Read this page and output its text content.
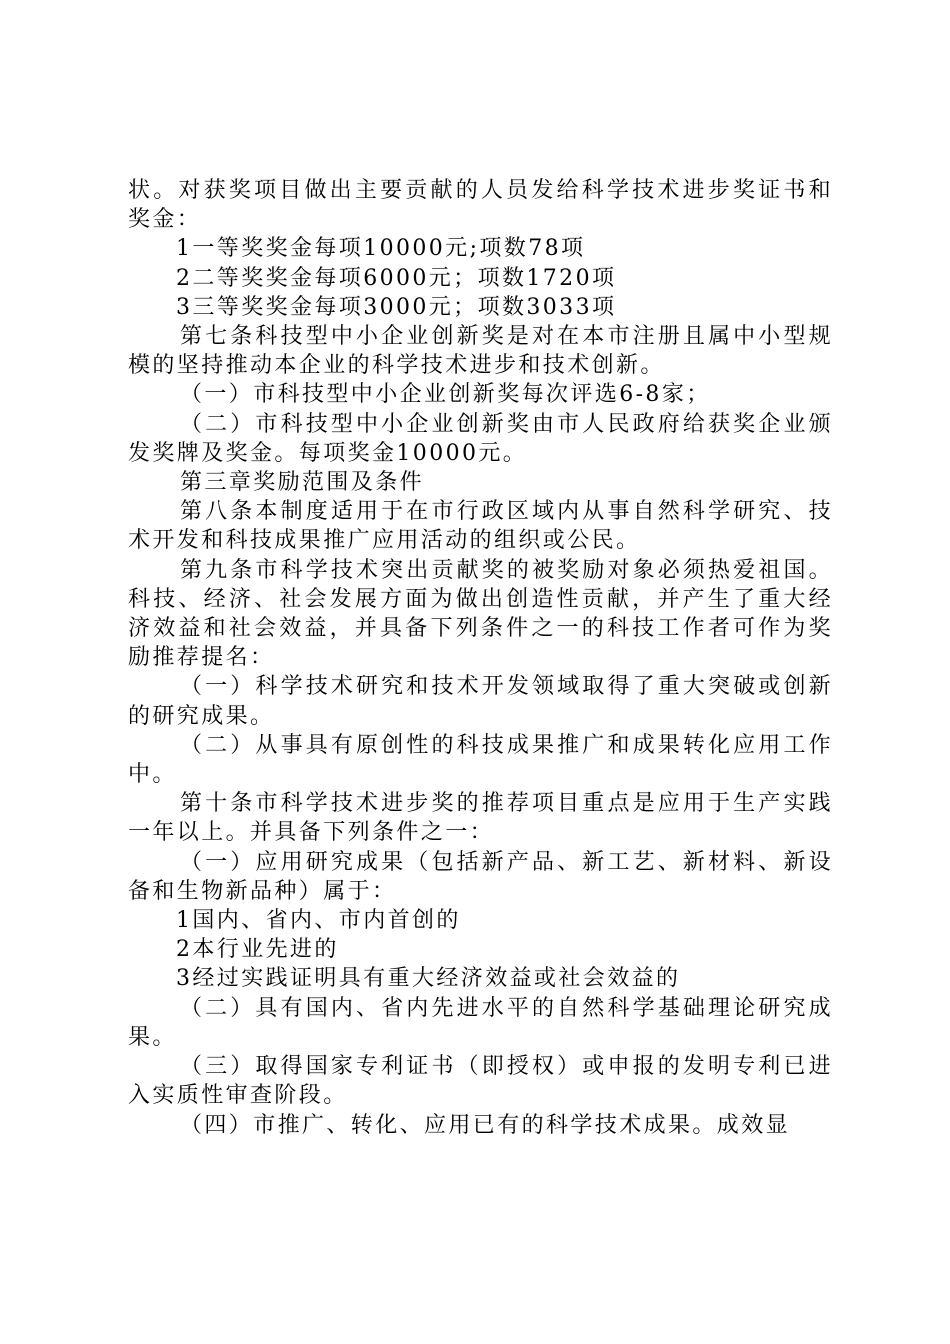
状。对获奖项目做出主要贡献的人员发给科学技术进步奖证书和奖金：

1一等奖奖金每项10000元;项数78项

2二等奖奖金每项6000元；项数1720项

3三等奖奖金每项3000元；项数3033项

第七条科技型中小企业创新奖是对在本市注册且属中小型规模的坚持推动本企业的科学技术进步和技术创新。

（一）市科技型中小企业创新奖每次评选6-8家；

（二）市科技型中小企业创新奖由市人民政府给获奖企业颁发奖牌及奖金。每项奖金10000元。

第三章奖励范围及条件

第八条本制度适用于在市行政区域内从事自然科学研究、技术开发和科技成果推广应用活动的组织或公民。

第九条市科学技术突出贡献奖的被奖励对象必须热爱祖国。科技、经济、社会发展方面为做出创造性贡献，并产生了重大经济效益和社会效益，并具备下列条件之一的科技工作者可作为奖励推荐提名：

（一）科学技术研究和技术开发领域取得了重大突破或创新的研究成果。

（二）从事具有原创性的科技成果推广和成果转化应用工作中。

第十条市科学技术进步奖的推荐项目重点是应用于生产实践一年以上。并具备下列条件之一：

（一）应用研究成果（包括新产品、新工艺、新材料、新设备和生物新品种）属于：

1国内、省内、市内首创的

2本行业先进的

3经过实践证明具有重大经济效益或社会效益的

（二）具有国内、省内先进水平的自然科学基础理论研究成果。

（三）取得国家专利证书（即授权）或申报的发明专利已进入实质性审查阶段。

（四）市推广、转化、应用已有的科学技术成果。成效显
